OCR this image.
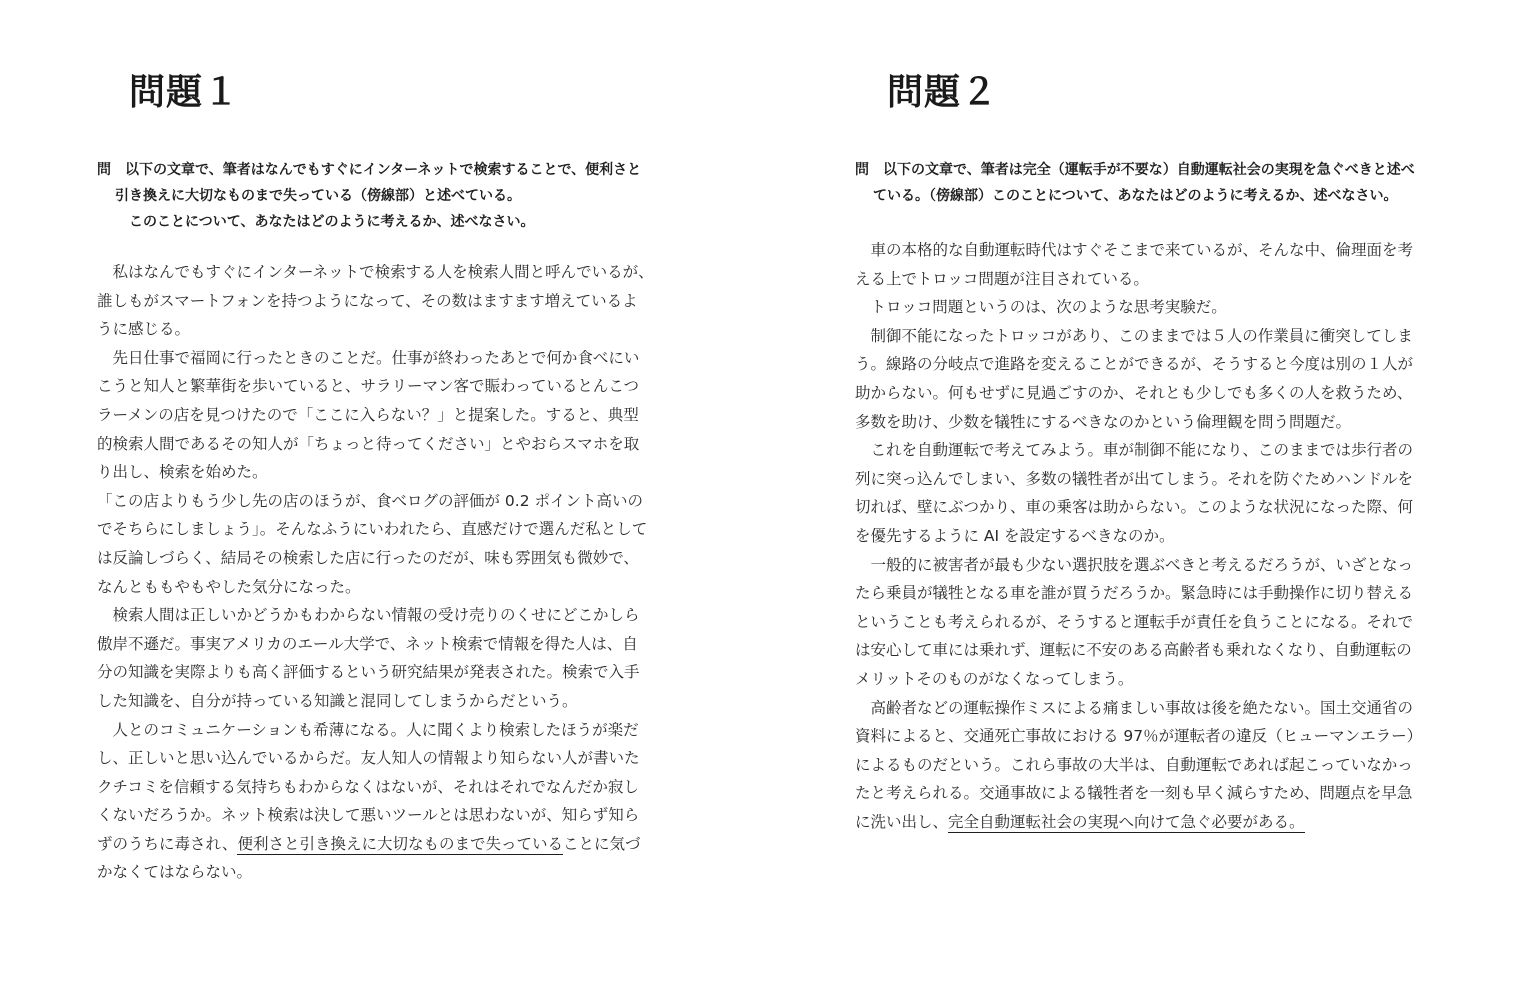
問題１
問　以下の文章で、筆者はなんでもすぐにインターネットで検索することで、便利さと
引き換えに大切なものまで失っている（傍線部）と述べている。
このことについて、あなたはどのように考えるか、述べなさい。
　私はなんでもすぐにインターネットで検索する人を検索人間と呼んでいるが、
誰しもがスマートフォンを持つようになって、その数はますます増えているよ
うに感じる。
　先日仕事で福岡に行ったときのことだ。仕事が終わったあとで何か食べにい
こうと知人と繁華街を歩いていると、サラリーマン客で賑わっているとんこつ
ラーメンの店を見つけたので「ここに入らない？」と提案した。すると、典型
的検索人間であるその知人が「ちょっと待ってください」とやおらスマホを取
り出し、検索を始めた。
「この店よりもう少し先の店のほうが、食べログの評価が 0.2 ポイント高いの
でそちらにしましょう」。そんなふうにいわれたら、直感だけで選んだ私として
は反論しづらく、結局その検索した店に行ったのだが、味も雰囲気も微妙で、
なんとももやもやした気分になった。
　検索人間は正しいかどうかもわからない情報の受け売りのくせにどこかしら
傲岸不遜だ。事実アメリカのエール大学で、ネット検索で情報を得た人は、自
分の知識を実際よりも高く評価するという研究結果が発表された。検索で入手
した知識を、自分が持っている知識と混同してしまうからだという。
　人とのコミュニケーションも希薄になる。人に聞くより検索したほうが楽だ
し、正しいと思い込んでいるからだ。友人知人の情報より知らない人が書いた
クチコミを信頼する気持ちもわからなくはないが、それはそれでなんだか寂し
くないだろうか。ネット検索は決して悪いツールとは思わないが、知らず知ら
ずのうちに毒され、便利さと引き換えに大切なものまで失っていることに気づ
かなくてはならない。
問題２
問　以下の文章で、筆者は完全（運転手が不要な）自動運転社会の実現を急ぐべきと述べ
ている。（傍線部）このことについて、あなたはどのように考えるか、述べなさい。
　車の本格的な自動運転時代はすぐそこまで来ているが、そんな中、倫理面を考
える上でトロッコ問題が注目されている。
　トロッコ問題というのは、次のような思考実験だ。
　制御不能になったトロッコがあり、このままでは５人の作業員に衝突してしま
う。線路の分岐点で進路を変えることができるが、そうすると今度は別の１人が
助からない。何もせずに見過ごすのか、それとも少しでも多くの人を救うため、
多数を助け、少数を犠牲にするべきなのかという倫理観を問う問題だ。
　これを自動運転で考えてみよう。車が制御不能になり、このままでは歩行者の
列に突っ込んでしまい、多数の犠牲者が出てしまう。それを防ぐためハンドルを
切れば、壁にぶつかり、車の乗客は助からない。このような状況になった際、何
を優先するように AI を設定するべきなのか。
　一般的に被害者が最も少ない選択肢を選ぶべきと考えるだろうが、いざとなっ
たら乗員が犠牲となる車を誰が買うだろうか。緊急時には手動操作に切り替える
ということも考えられるが、そうすると運転手が責任を負うことになる。それで
は安心して車には乗れず、運転に不安のある高齢者も乗れなくなり、自動運転の
メリットそのものがなくなってしまう。
　高齢者などの運転操作ミスによる痛ましい事故は後を絶たない。国土交通省の
資料によると、交通死亡事故における 97％が運転者の違反（ヒューマンエラー）
によるものだという。これら事故の大半は、自動運転であれば起こっていなかっ
たと考えられる。交通事故による犠牲者を一刻も早く減らすため、問題点を早急
に洗い出し、完全自動運転社会の実現へ向けて急ぐ必要がある。
